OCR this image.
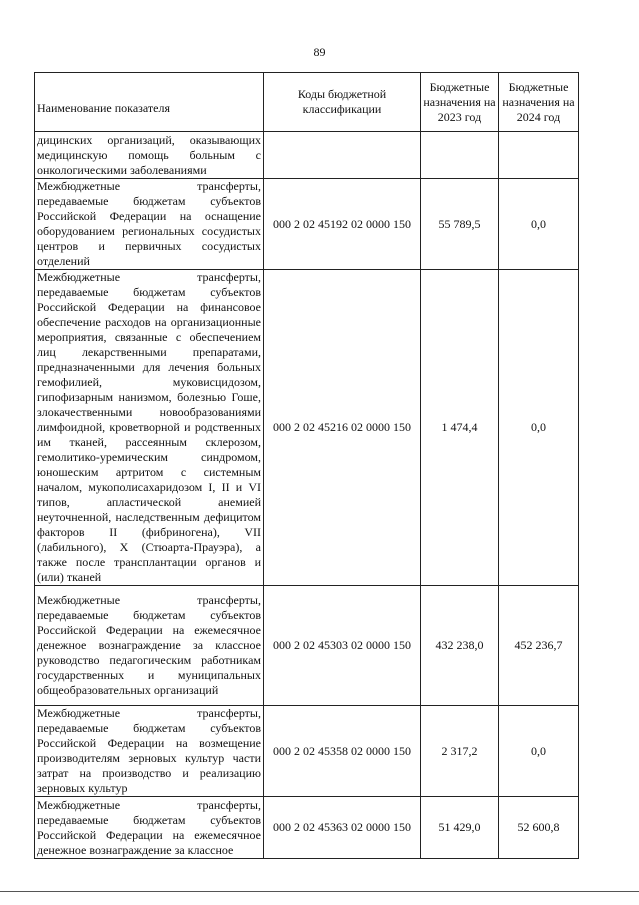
89
Наименование показателя	Коды бюджетной классификации	Бюджетные назначения на 2023 год	Бюджетные назначения на 2024 год
дицинских организаций, оказывающих медицинскую помощь больным с онкологическими заболеваниями			
Межбюджетные трансферты, передаваемые бюджетам субъектов Российской Федерации на оснащение оборудованием региональных сосудистых центров и первичных сосудистых отделений	000 2 02 45192 02 0000 150	55 789,5	0,0
Межбюджетные трансферты, передаваемые бюджетам субъектов Российской Федерации на финансовое обеспечение расходов на организационные мероприятия, связанные с обеспечением лиц лекарственными препаратами, предназначенными для лечения больных гемофилией, муковисцидозом, гипофизарным нанизмом, болезнью Гоше, злокачественными новообразованиями лимфоидной, кроветворной и родственных им тканей, рассеянным склерозом, гемолитико-уремическим синдромом, юношеским артритом с системным началом, мукополисахаридозом I, II и VI типов, апластической анемией неуточненной, наследственным дефицитом факторов II (фибриногена), VII (лабильного), X (Стюарта-Прауэра), а также после трансплантации органов и (или) тканей	000 2 02 45216 02 0000 150	1 474,4	0,0
Межбюджетные трансферты, передаваемые бюджетам субъектов Российской Федерации на ежемесячное денежное вознаграждение за классное руководство педагогическим работникам государственных и муниципальных общеобразовательных организаций	000 2 02 45303 02 0000 150	432 238,0	452 236,7
Межбюджетные трансферты, передаваемые бюджетам субъектов Российской Федерации на возмещение производителям зерновых культур части затрат на производство и реализацию зерновых культур	000 2 02 45358 02 0000 150	2 317,2	0,0
Межбюджетные трансферты, передаваемые бюджетам субъектов Российской Федерации на ежемесячное денежное вознаграждение за классное	000 2 02 45363 02 0000 150	51 429,0	52 600,8
